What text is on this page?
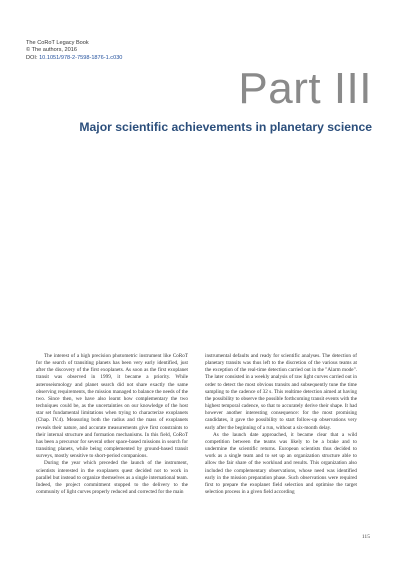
The CoRoT Legacy Book
© The authors, 2016
DOI: 10.1051/978-2-7598-1876-1.c030
Part III
Major scientific achievements in planetary science

The interest of a high precision photometric instrument like CoRoT for the search of transiting planets has been very early identified, just after the discovery of the first exoplanets. As soon as the first exoplanet transit was observed in 1999, it became a priority. While asteroseismology and planet search did not share exactly the same observing requirements, the mission managed to balance the needs of the two. Since then, we have also learnt how complementary the two techniques could be, as the uncertainties on our knowledge of the host star set fundamental limitations when trying to characterize exoplanets (Chap. IV.4). Measuring both the radius and the mass of exoplanets reveals their nature, and accurate measurements give first constraints to their internal structure and formation mechanisms. In this field, CoRoT has been a precursor for several other space-based missions in search for transiting planets, while being complemented by ground-based transit surveys, mostly sensitive to short-period companions.

During the year which preceded the launch of the instrument, scientists interested in the exoplanets quest decided not to work in parallel but instead to organize themselves as a single international team. Indeed, the project commitment stopped to the delivery to the community of light curves properly reduced and corrected for the main

instrumental defaults and ready for scientific analyses. The detection of planetary transits was thus left to the discretion of the various teams at the exception of the real-time detection carried out in the "Alarm mode". The later consisted in a weekly analysis of raw light curves carried out in order to detect the most obvious transits and subsequently tune the time sampling to the cadence of 32 s. This realtime detection aimed at having the possibility to observe the possible forthcoming transit events with the highest temporal cadence, so that to accurately derive their shape. It had however another interesting consequence: for the most promising candidates, it gave the possibility to start follow-up observations very early after the beginning of a run, without a six-month delay.

As the launch date approached, it became clear that a wild competition between the teams was likely to be a brake and to undermine the scientific returns. European scientists thus decided to work as a single team and to set up an organization structure able to allow the fair share of the workload and results. This organization also included the complementary observations, whose need was identified early in the mission preparation phase. Such observations were required first to prepare the exoplanet field selection and optimise the target selection process in a given field according

115
